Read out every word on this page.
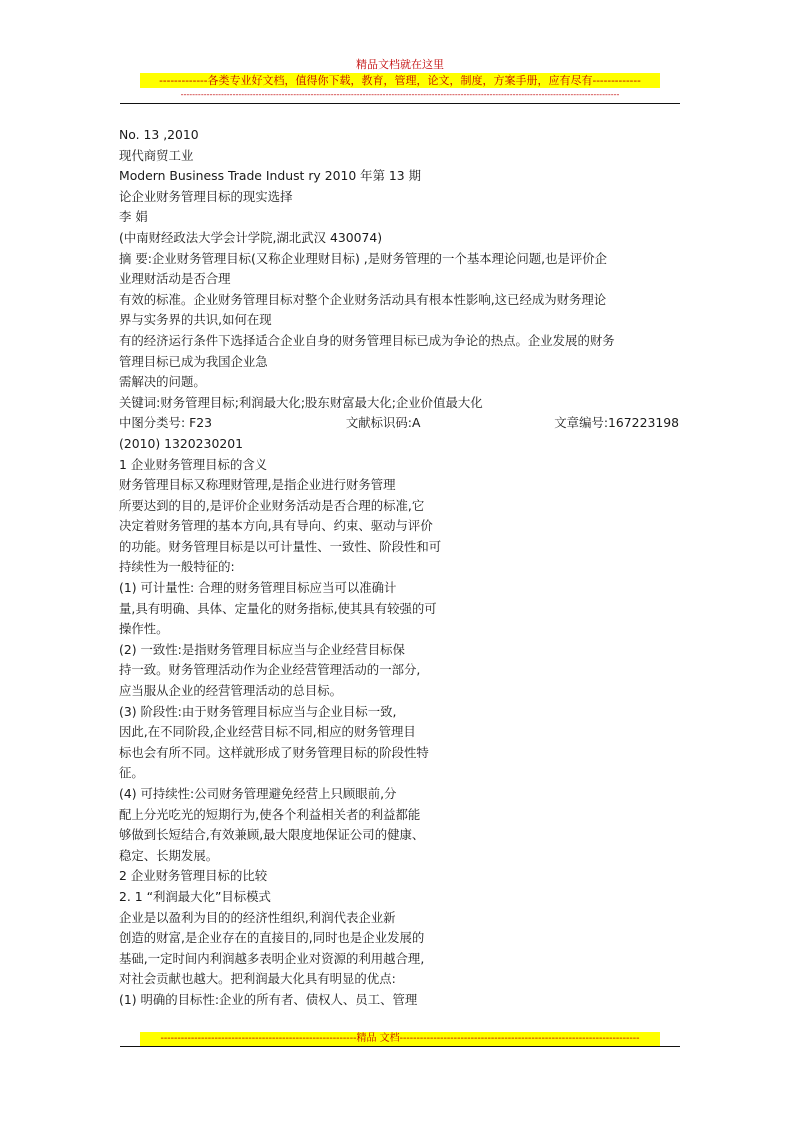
精品文档就在这里
-------------各类专业好文档，值得你下载，教育，管理，论文，制度，方案手册，应有尽有-------------
--------------------------------------------------------------------------------------------------------------------------------------------------------
No. 13 ,2010
现代商贸工业
Modern Business Trade Indust ry 2010 年第 13 期
论企业财务管理目标的现实选择
李 娟
(中南财经政法大学会计学院,湖北武汉 430074)
摘 要:企业财务管理目标(又称企业理财目标) ,是财务管理的一个基本理论问题,也是评价企
业理财活动是否合理
有效的标准。企业财务管理目标对整个企业财务活动具有根本性影响,这已经成为财务理论
界与实务界的共识,如何在现
有的经济运行条件下选择适合企业自身的财务管理目标已成为争论的热点。企业发展的财务
管理目标已成为我国企业急
需解决的问题。
关键词:财务管理目标;利润最大化;股东财富最大化;企业价值最大化
中图分类号: F23	文献标识码:A	文章编号:167223198
(2010) 1320230201
1 企业财务管理目标的含义
财务管理目标又称理财管理,是指企业进行财务管理
所要达到的目的,是评价企业财务活动是否合理的标准,它
决定着财务管理的基本方向,具有导向、约束、驱动与评价
的功能。财务管理目标是以可计量性、一致性、阶段性和可
持续性为一般特征的:
(1) 可计量性: 合理的财务管理目标应当可以准确计
量,具有明确、具体、定量化的财务指标,使其具有较强的可
操作性。
(2) 一致性:是指财务管理目标应当与企业经营目标保
持一致。财务管理活动作为企业经营管理活动的一部分,
应当服从企业的经营管理活动的总目标。
(3) 阶段性:由于财务管理目标应当与企业目标一致,
因此,在不同阶段,企业经营目标不同,相应的财务管理目
标也会有所不同。这样就形成了财务管理目标的阶段性特
征。
(4) 可持续性:公司财务管理避免经营上只顾眼前,分
配上分光吃光的短期行为,使各个利益相关者的利益都能
够做到长短结合,有效兼顾,最大限度地保证公司的健康、
稳定、长期发展。
2 企业财务管理目标的比较
2. 1 “利润最大化”目标模式
企业是以盈利为目的的经济性组织,利润代表企业新
创造的财富,是企业存在的直接目的,同时也是企业发展的
基础,一定时间内利润越多表明企业对资源的利用越合理,
对社会贡献也越大。把利润最大化具有明显的优点:
(1) 明确的目标性:企业的所有者、债权人、员工、管理
----------------------------------------------------------精品 文档-----------------------------------------------------------------------
